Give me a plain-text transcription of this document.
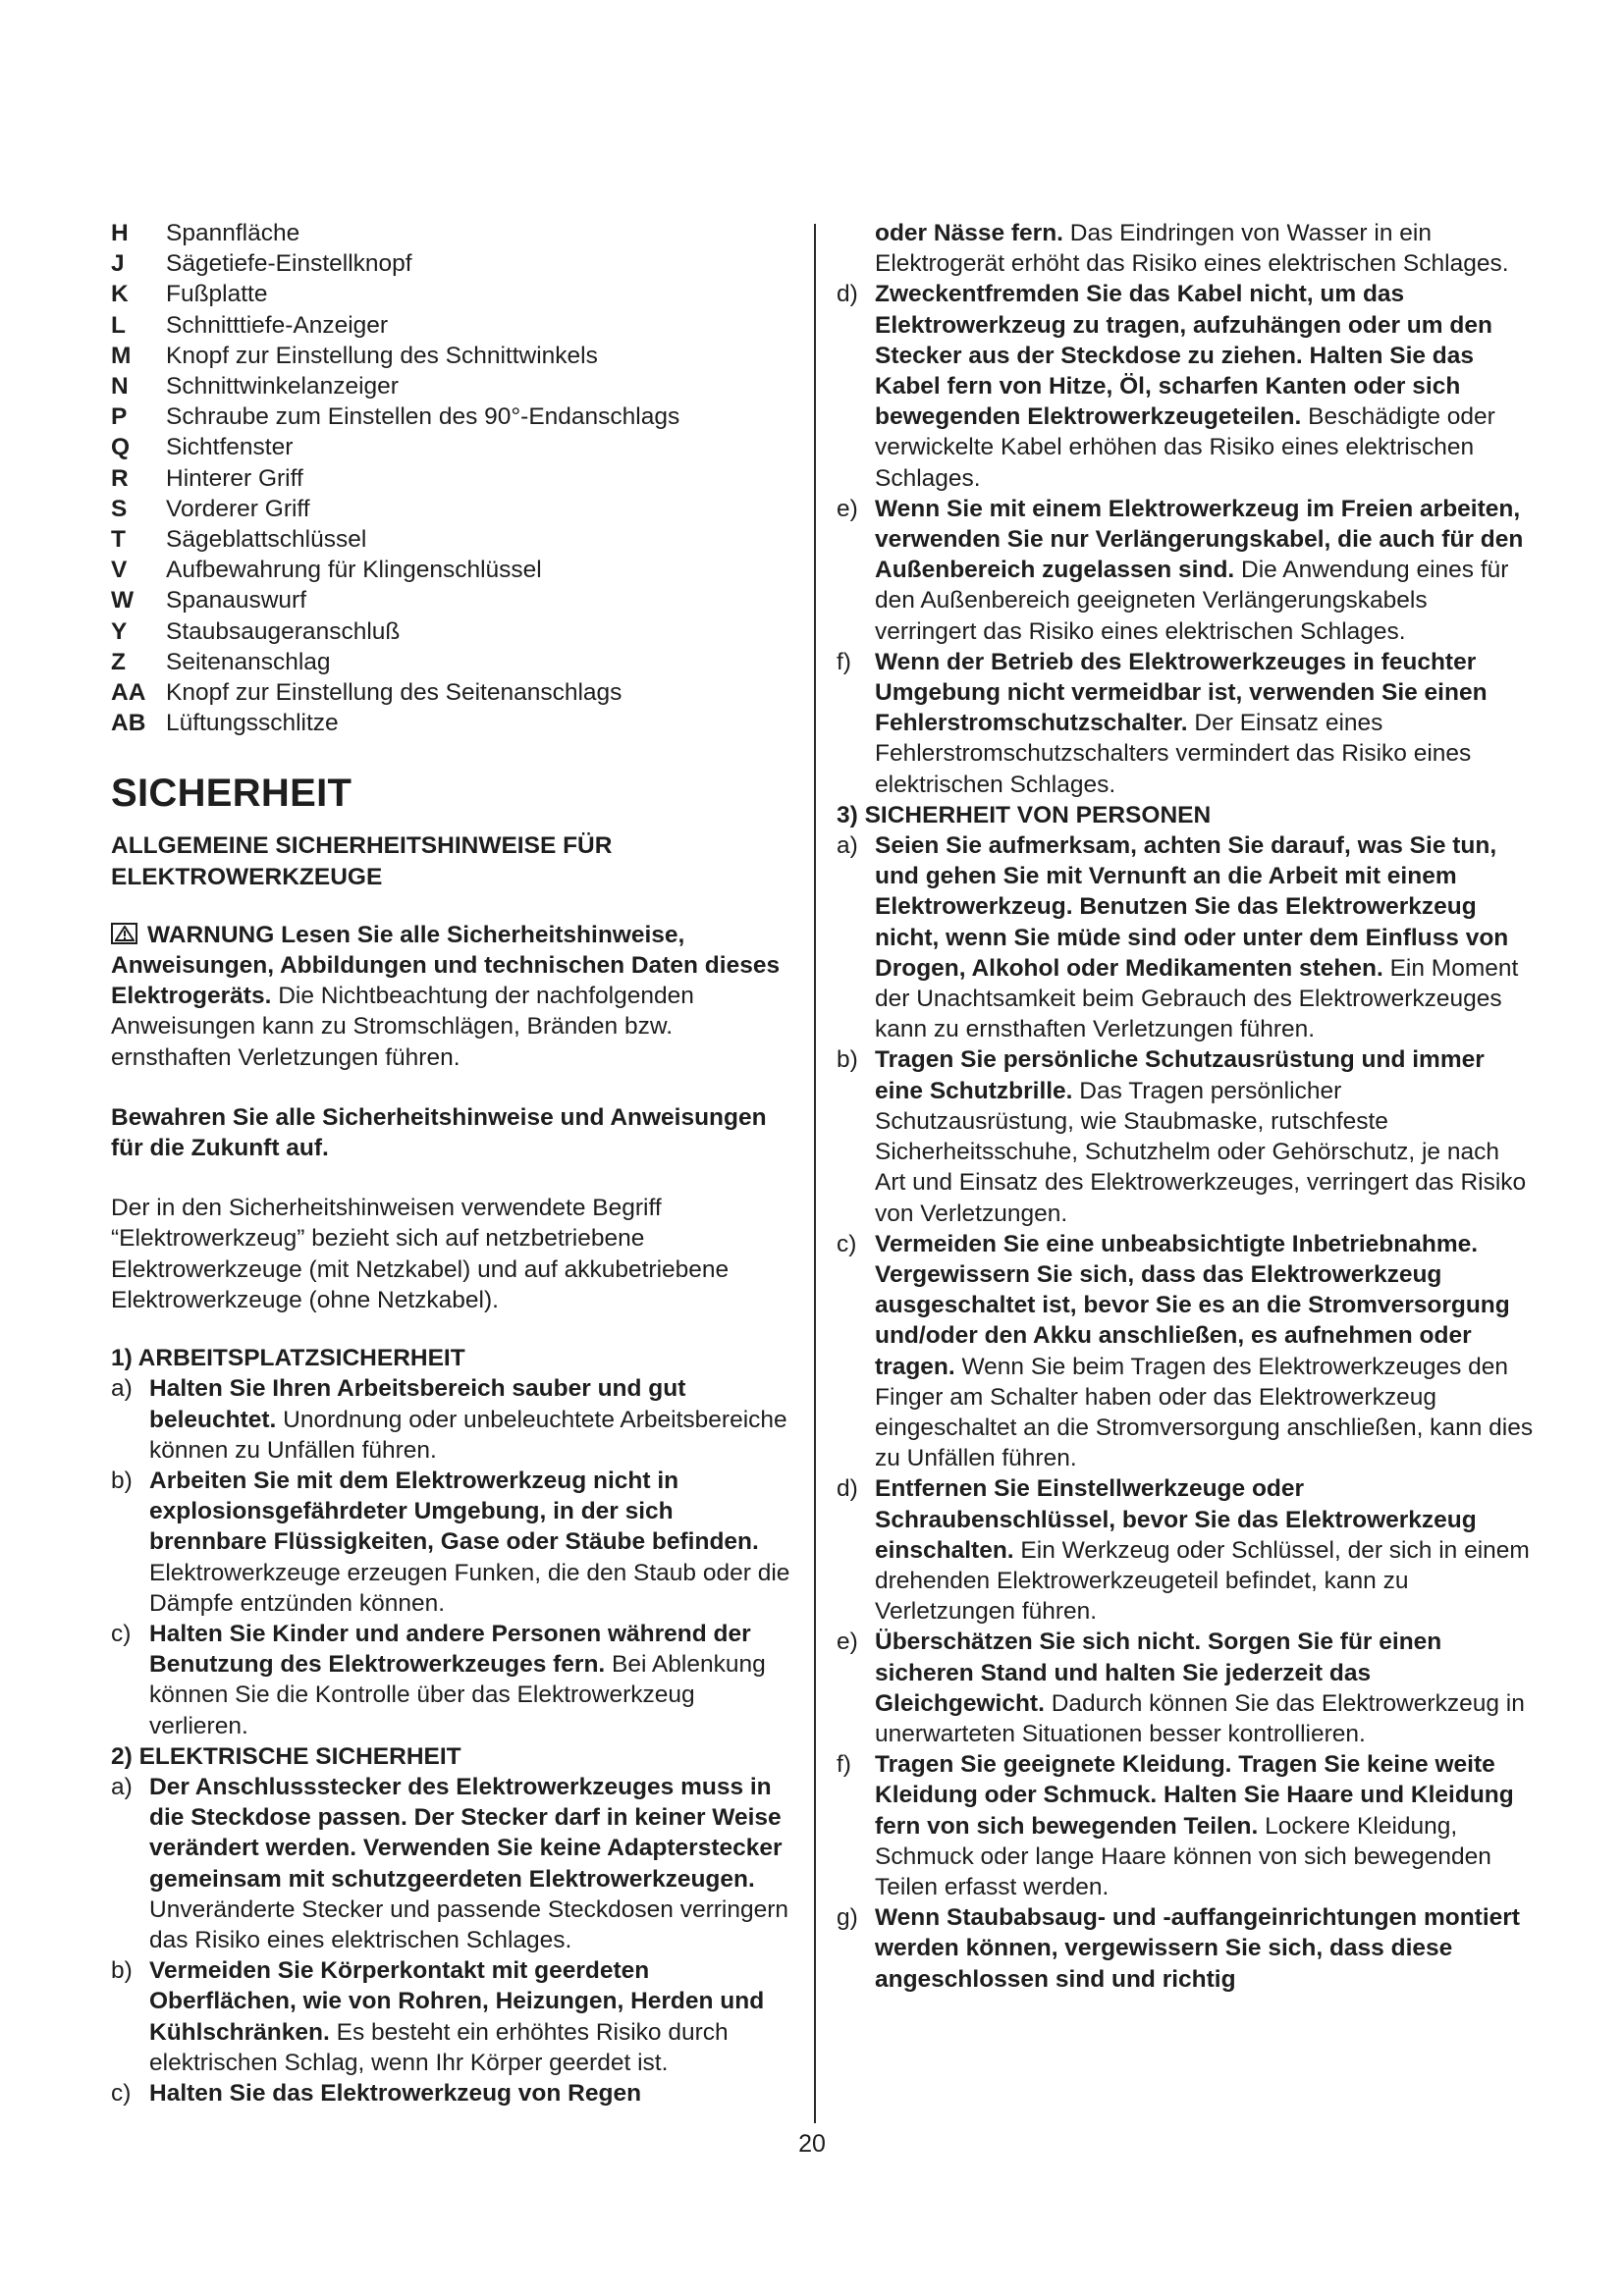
H	Spannfläche
J	Sägetiefe-Einstellknopf
K	Fußplatte
L	Schnitttiefe-Anzeiger
M	Knopf zur Einstellung des Schnittwinkels
N	Schnittwinkelanzeiger
P	Schraube zum Einstellen des 90°-Endanschlags
Q	Sichtfenster
R	Hinterer Griff
S	Vorderer Griff
T	Sägeblattschlüssel
V	Aufbewahrung für Klingenschlüssel
W	Spanauswurf
Y	Staubsaugeranschluß
Z	Seitenanschlag
AA Knopf zur Einstellung des Seitenanschlags
AB Lüftungsschlitze
SICHERHEIT

ALLGEMEINE SICHERHEITSHINWEISE FÜR ELEKTROWERKZEUGE

WARNUNG Lesen Sie alle Sicherheitshinweise, Anweisungen, Abbildungen und technischen Daten dieses Elektrogeräts. Die Nichtbeachtung der nachfolgenden Anweisungen kann zu Stromschlägen, Bränden bzw. ernsthaften Verletzungen führen.

Bewahren Sie alle Sicherheitshinweise und Anweisungen für die Zukunft auf.

Der in den Sicherheitshinweisen verwendete Begriff “Elektrowerkzeug” bezieht sich auf netzbetriebene Elektrowerkzeuge (mit Netzkabel) und auf akkubetriebene Elektrowerkzeuge (ohne Netzkabel).

1) ARBEITSPLATZSICHERHEIT
a) Halten Sie Ihren Arbeitsbereich sauber und gut beleuchtet. Unordnung oder unbeleuchtete Arbeitsbereiche können zu Unfällen führen.
b) Arbeiten Sie mit dem Elektrowerkzeug nicht in explosionsgefährdeter Umgebung, in der sich brennbare Flüssigkeiten, Gase oder Stäube befinden. Elektrowerkzeuge erzeugen Funken, die den Staub oder die Dämpfe entzünden können.
c) Halten Sie Kinder und andere Personen während der Benutzung des Elektrowerkzeuges fern. Bei Ablenkung können Sie die Kontrolle über das Elektrowerkzeug verlieren.
2) ELEKTRISCHE SICHERHEIT
a) Der Anschlussstecker des Elektrowerkzeuges muss in die Steckdose passen. Der Stecker darf in keiner Weise verändert werden. Verwenden Sie keine Adapterstecker gemeinsam mit schutzgeerdeten Elektrowerkzeugen. Unveränderte Stecker und passende Steckdosen verringern das Risiko eines elektrischen Schlages.
b) Vermeiden Sie Körperkontakt mit geerdeten Oberflächen, wie von Rohren, Heizungen, Herden und Kühlschränken. Es besteht ein erhöhtes Risiko durch elektrischen Schlag, wenn Ihr Körper geerdet ist.
c) Halten Sie das Elektrowerkzeug von Regen
oder Nässe fern. Das Eindringen von Wasser in ein Elektrogerät erhöht das Risiko eines elektrischen Schlages.
d) Zweckentfremden Sie das Kabel nicht, um das Elektrowerkzeug zu tragen, aufzuhängen oder um den Stecker aus der Steckdose zu ziehen. Halten Sie das Kabel fern von Hitze, Öl, scharfen Kanten oder sich bewegenden Elektrowerkzeugeteilen. Beschädigte oder verwickelte Kabel erhöhen das Risiko eines elektrischen Schlages.
e) Wenn Sie mit einem Elektrowerkzeug im Freien arbeiten, verwenden Sie nur Verlängerungskabel, die auch für den Außenbereich zugelassen sind. Die Anwendung eines für den Außenbereich geeigneten Verlängerungskabels verringert das Risiko eines elektrischen Schlages.
f) Wenn der Betrieb des Elektrowerkzeuges in feuchter Umgebung nicht vermeidbar ist, verwenden Sie einen Fehlerstromschutzschalter. Der Einsatz eines Fehlerstromschutzschalters vermindert das Risiko eines elektrischen Schlages.
3) SICHERHEIT VON PERSONEN
a) Seien Sie aufmerksam, achten Sie darauf, was Sie tun, und gehen Sie mit Vernunft an die Arbeit mit einem Elektrowerkzeug. Benutzen Sie das Elektrowerkzeug nicht, wenn Sie müde sind oder unter dem Einfluss von Drogen, Alkohol oder Medikamenten stehen. Ein Moment der Unachtsamkeit beim Gebrauch des Elektrowerkzeuges kann zu ernsthaften Verletzungen führen.
b) Tragen Sie persönliche Schutzausrüstung und immer eine Schutzbrille. Das Tragen persönlicher Schutzausrüstung, wie Staubmaske, rutschfeste Sicherheitsschuhe, Schutzhelm oder Gehörschutz, je nach Art und Einsatz des Elektrowerkzeuges, verringert das Risiko von Verletzungen.
c) Vermeiden Sie eine unbeabsichtigte Inbetriebnahme. Vergewissern Sie sich, dass das Elektrowerkzeug ausgeschaltet ist, bevor Sie es an die Stromversorgung und/oder den Akku anschließen, es aufnehmen oder tragen. Wenn Sie beim Tragen des Elektrowerkzeuges den Finger am Schalter haben oder das Elektrowerkzeug eingeschaltet an die Stromversorgung anschließen, kann dies zu Unfällen führen.
d) Entfernen Sie Einstellwerkzeuge oder Schraubenschlüssel, bevor Sie das Elektrowerkzeug einschalten. Ein Werkzeug oder Schlüssel, der sich in einem drehenden Elektrowerkzeugeteil befindet, kann zu Verletzungen führen.
e) Überschätzen Sie sich nicht. Sorgen Sie für einen sicheren Stand und halten Sie jederzeit das Gleichgewicht. Dadurch können Sie das Elektrowerkzeug in unerwarteten Situationen besser kontrollieren.
f) Tragen Sie geeignete Kleidung. Tragen Sie keine weite Kleidung oder Schmuck. Halten Sie Haare und Kleidung fern von sich bewegenden Teilen. Lockere Kleidung, Schmuck oder lange Haare können von sich bewegenden Teilen erfasst werden.
g) Wenn Staubabsaug- und -auffangeinrichtungen montiert werden können, vergewissern Sie sich, dass diese angeschlossen sind und richtig
20
